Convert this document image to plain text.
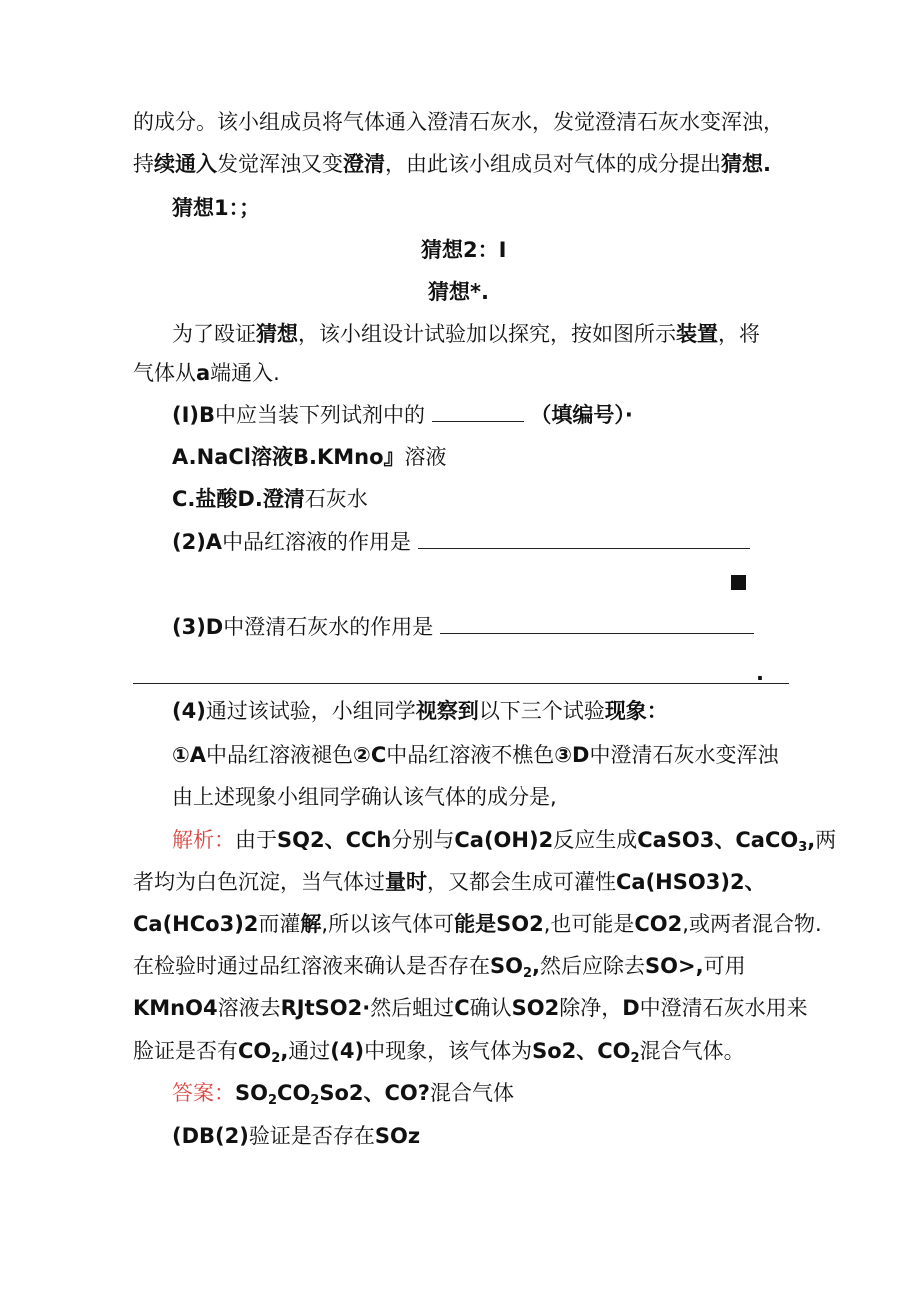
的成分。该小组成员将气体通入澄清石灰水，发觉澄清石灰水变浑浊，
持续通入发觉浑浊又变澄清，由此该小组成员对气体的成分提出猜想.
猜想1：；
猜想2：I
猜想*.
为了殴证猜想，该小组设计试验加以探究，按如图所示装置，将
气体从a端通入.
(I)B中应当装下列试剂中的	（填编号）·
A.NaCl溶液B.KMno』溶液
C.盐酸D.澄清石灰水
(2)A中品红溶液的作用是
(3)D中澄清石灰水的作用是
.
(4)通过该试验，小组同学视察到以下三个试验现象：
①A中品红溶液褪色②C中品红溶液不樵色③D中澄清石灰水变浑浊
由上述现象小组同学确认该气体的成分是,
解析：由于SQ2、CCh分别与Ca(OH)2反应生成CaSO3、CaCO$_3$,两
者均为白色沉淀，当气体过量时，又都会生成可灌性Ca(HSO3)2、
Ca(HCo3)2而灌解,所以该气体可能是SO2,也可能是CO2,或两者混合物.
在检验时通过品红溶液来确认是否存在$SO_2$,然后应除去SO>,可用
KMnO4溶液去RJtSO2·然后蛆过C确认SO2除净，D中澄清石灰水用来
脸证是否有$CO_2$,通过(4)中现象，该气体为So2、$CO_2$混合气体。
答案：$SO_2CO_2So2$、CO?混合气体
(DB(2)验证是否存在SOz
